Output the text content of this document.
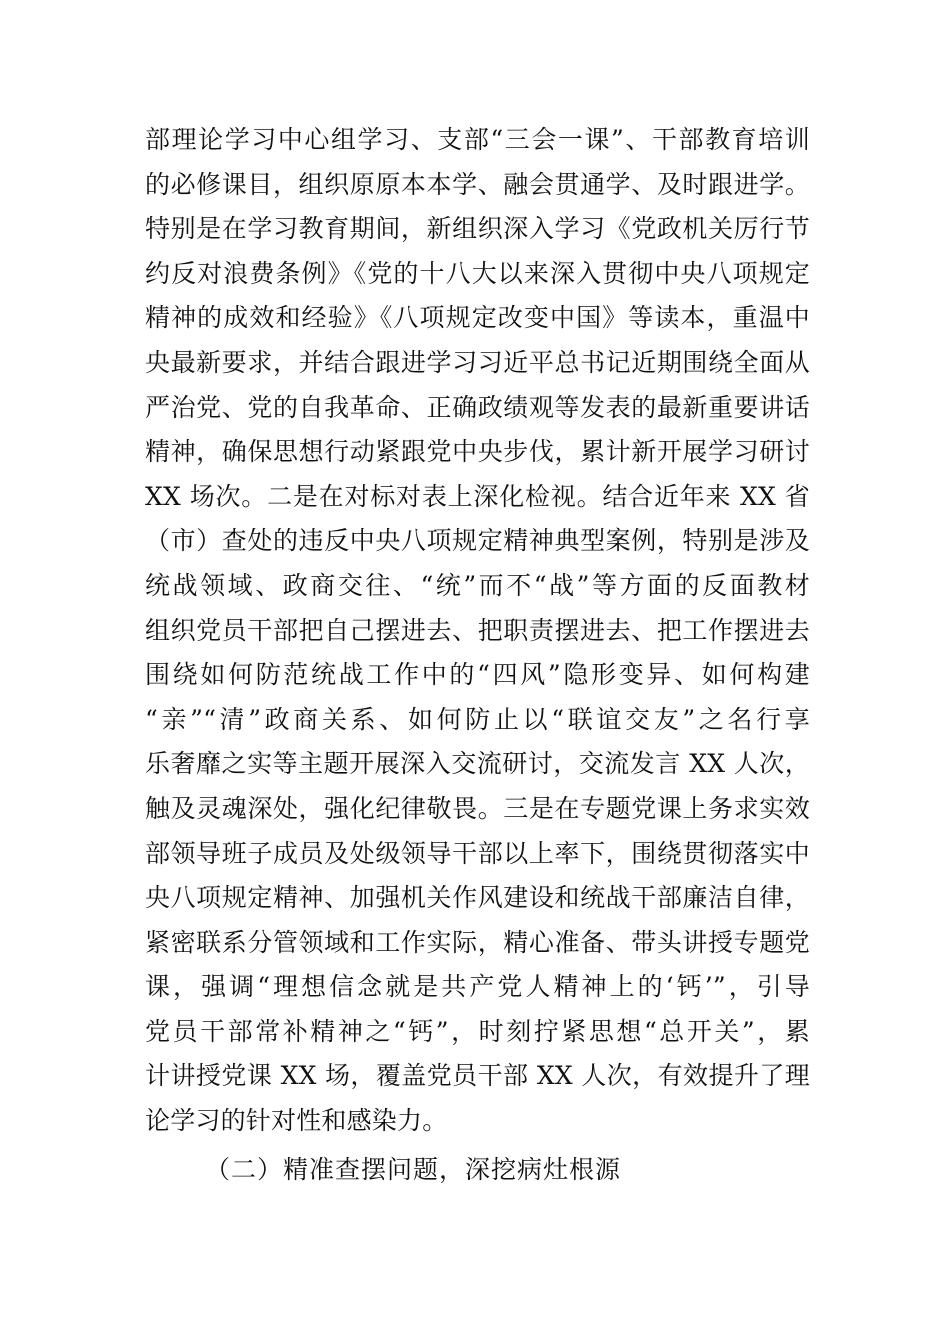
部理论学习中心组学习、支部“三会一课”、干部教育培训
的必修课目，组织原原本本学、融会贯通学、及时跟进学。
特别是在学习教育期间，新组织深入学习《党政机关厉行节
约反对浪费条例》《党的十八大以来深入贯彻中央八项规定
精神的成效和经验》《八项规定改变中国》等读本，重温中
央最新要求，并结合跟进学习习近平总书记近期围绕全面从
严治党、党的自我革命、正确政绩观等发表的最新重要讲话
精神，确保思想行动紧跟党中央步伐，累计新开展学习研讨
XX 场次。二是在对标对表上深化检视。结合近年来 XX 省
（市）查处的违反中央八项规定精神典型案例，特别是涉及
统战领域、政商交往、“统”而不“战”等方面的反面教材
组织党员干部把自己摆进去、把职责摆进去、把工作摆进去
围绕如何防范统战工作中的“四风”隐形变异、如何构建
“亲”“清”政商关系、如何防止以“联谊交友”之名行享
乐奢靡之实等主题开展深入交流研讨，交流发言 XX 人次，
触及灵魂深处，强化纪律敬畏。三是在专题党课上务求实效
部领导班子成员及处级领导干部以上率下，围绕贯彻落实中
央八项规定精神、加强机关作风建设和统战干部廉洁自律，
紧密联系分管领域和工作实际，精心准备、带头讲授专题党
课，强调“理想信念就是共产党人精神上的‘钙’”，引导
党员干部常补精神之“钙”，时刻拧紧思想“总开关”，累
计讲授党课 XX 场，覆盖党员干部 XX 人次，有效提升了理
论学习的针对性和感染力。
（二）精准查摆问题，深挖病灶根源
